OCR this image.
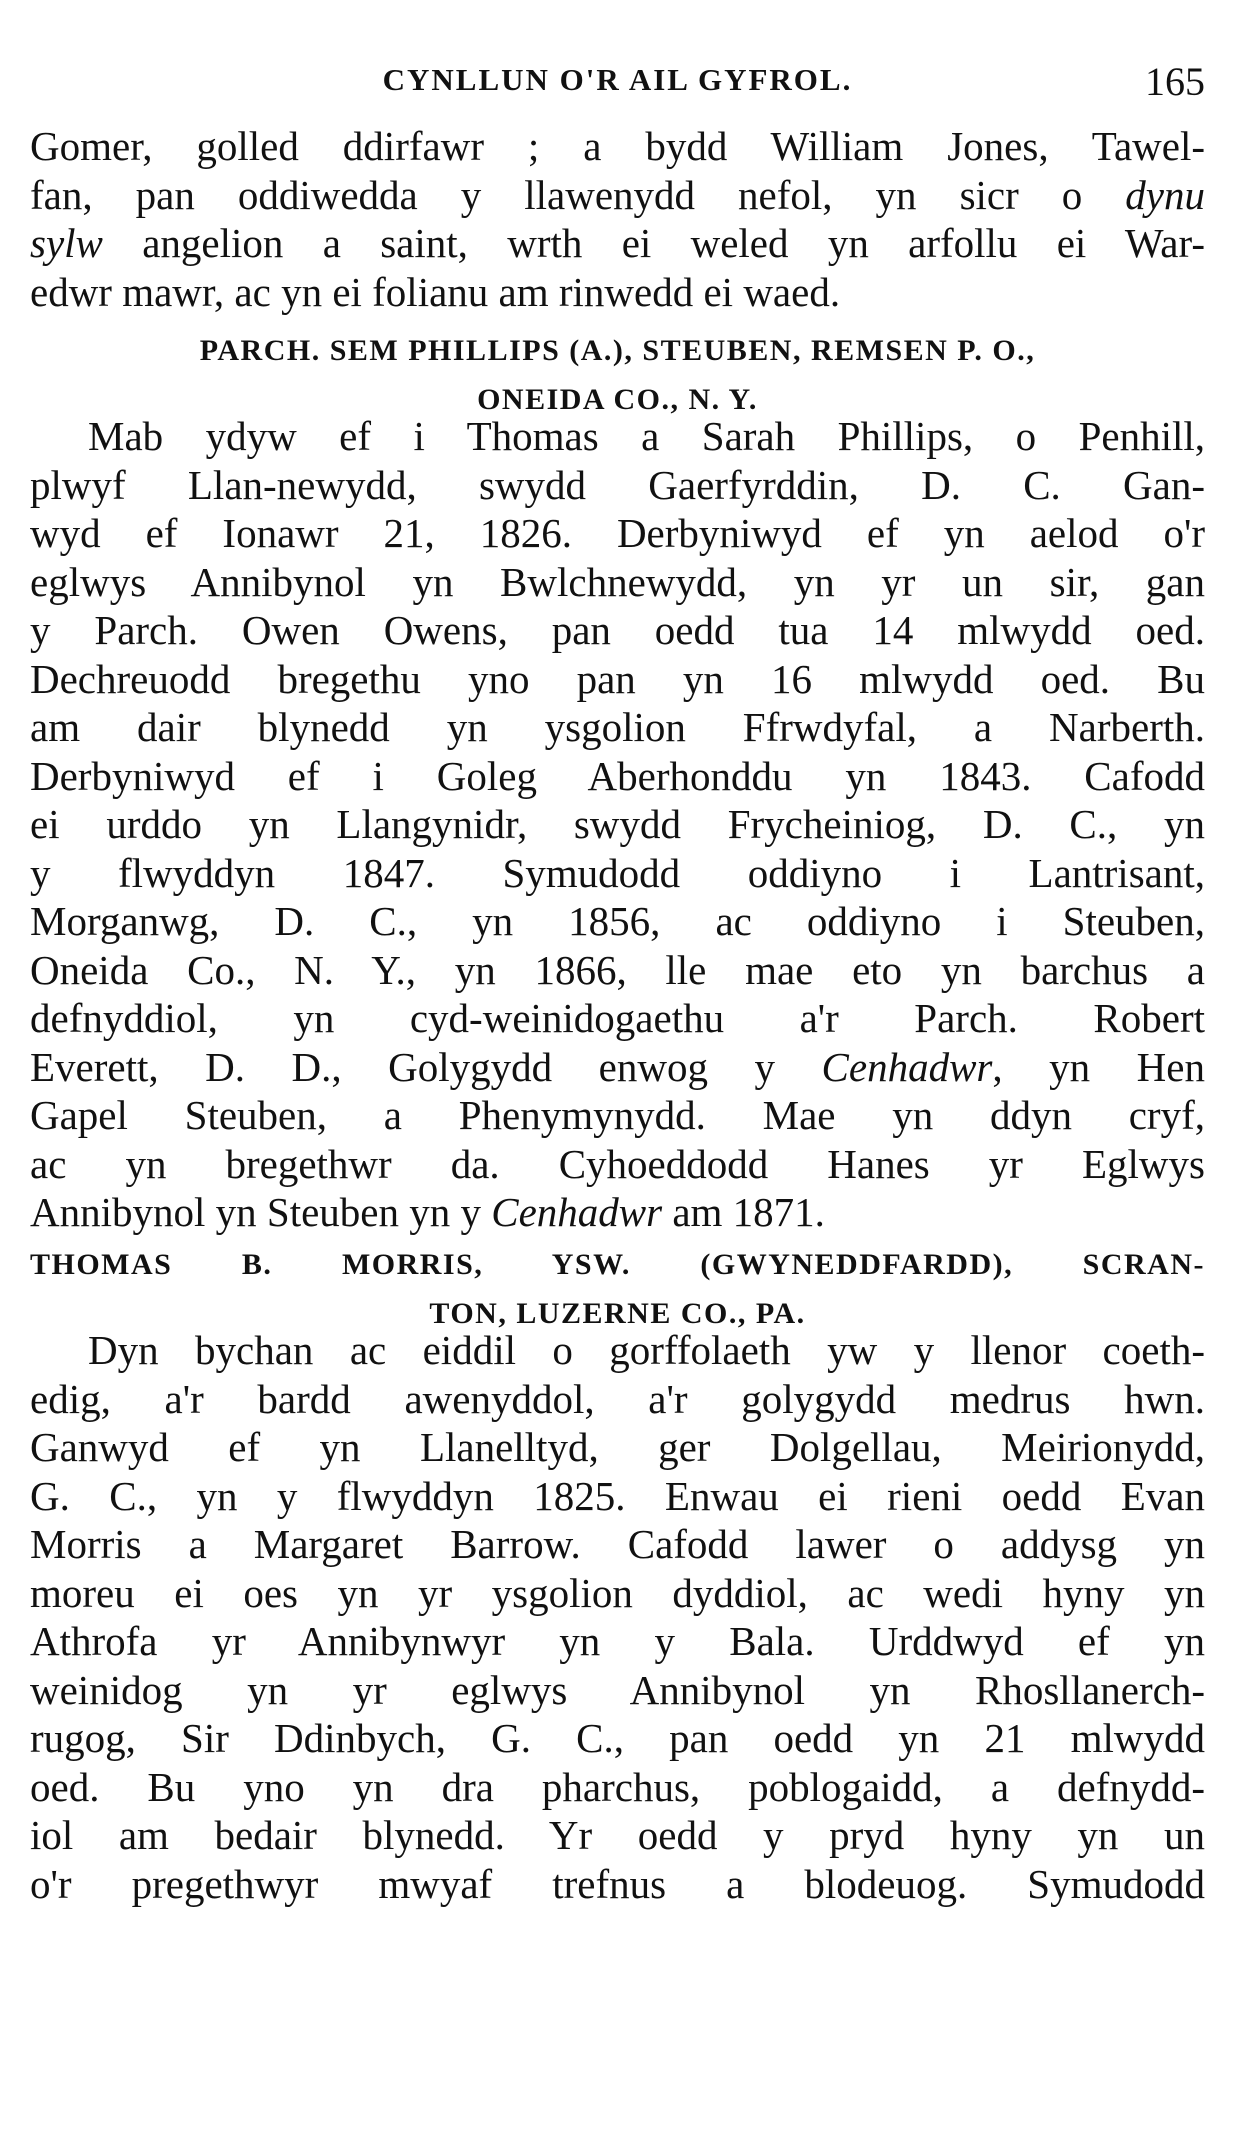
CYNLLUN O'R AIL GYFROL.	165
Gomer, golled ddirfawr ; a bydd William Jones, Tawel-
fan, pan oddiwedda y llawenydd nefol, yn sicr o dynu
sylw angelion a saint, wrth ei weled yn arfollu ei War-
edwr mawr, ac yn ei folianu am rinwedd ei waed.
PARCH. SEM PHILLIPS (A.), STEUBEN, REMSEN P. O.,
ONEIDA CO., N. Y.
Mab ydyw ef i Thomas a Sarah Phillips, o Penhill,
plwyf Llan-newydd, swydd Gaerfyrddin, D. C. Gan-
wyd ef Ionawr 21, 1826. Derbyniwyd ef yn aelod o'r
eglwys Annibynol yn Bwlchnewydd, yn yr un sir, gan
y Parch. Owen Owens, pan oedd tua 14 mlwydd oed.
Dechreuodd bregethu yno pan yn 16 mlwydd oed. Bu
am dair blynedd yn ysgolion Ffrwdyfal, a Narberth.
Derbyniwyd ef i Goleg Aberhonddu yn 1843. Cafodd
ei urddo yn Llangynidr, swydd Frycheiniog, D. C., yn
y flwyddyn 1847. Symudodd oddiyno i Lantrisant,
Morganwg, D. C., yn 1856, ac oddiyno i Steuben,
Oneida Co., N. Y., yn 1866, lle mae eto yn barchus a
defnyddiol, yn cyd-weinidogaethu a'r Parch. Robert
Everett, D. D., Golygydd enwog y Cenhadwr, yn Hen
Gapel Steuben, a Phenymynydd. Mae yn ddyn cryf,
ac yn bregethwr da. Cyhoeddodd Hanes yr Eglwys
Annibynol yn Steuben yn y Cenhadwr am 1871.
THOMAS B. MORRIS, YSW. (GWYNEDDFARDD), SCRAN-
TON, LUZERNE CO., PA.
Dyn bychan ac eiddil o gorffolaeth yw y llenor coeth-
edig, a'r bardd awenyddol, a'r golygydd medrus hwn.
Ganwyd ef yn Llanelltyd, ger Dolgellau, Meirionydd,
G. C., yn y flwyddyn 1825. Enwau ei rieni oedd Evan
Morris a Margaret Barrow. Cafodd lawer o addysg yn
moreu ei oes yn yr ysgolion dyddiol, ac wedi hyny yn
Athrofa yr Annibynwyr yn y Bala. Urddwyd ef yn
weinidog yn yr eglwys Annibynol yn Rhosllanerch-
rugog, Sir Ddinbych, G. C., pan oedd yn 21 mlwydd
oed. Bu yno yn dra pharchus, poblogaidd, a defnydd-
iol am bedair blynedd. Yr oedd y pryd hyny yn un
o'r pregethwyr mwyaf trefnus a blodeuog. Symudodd
